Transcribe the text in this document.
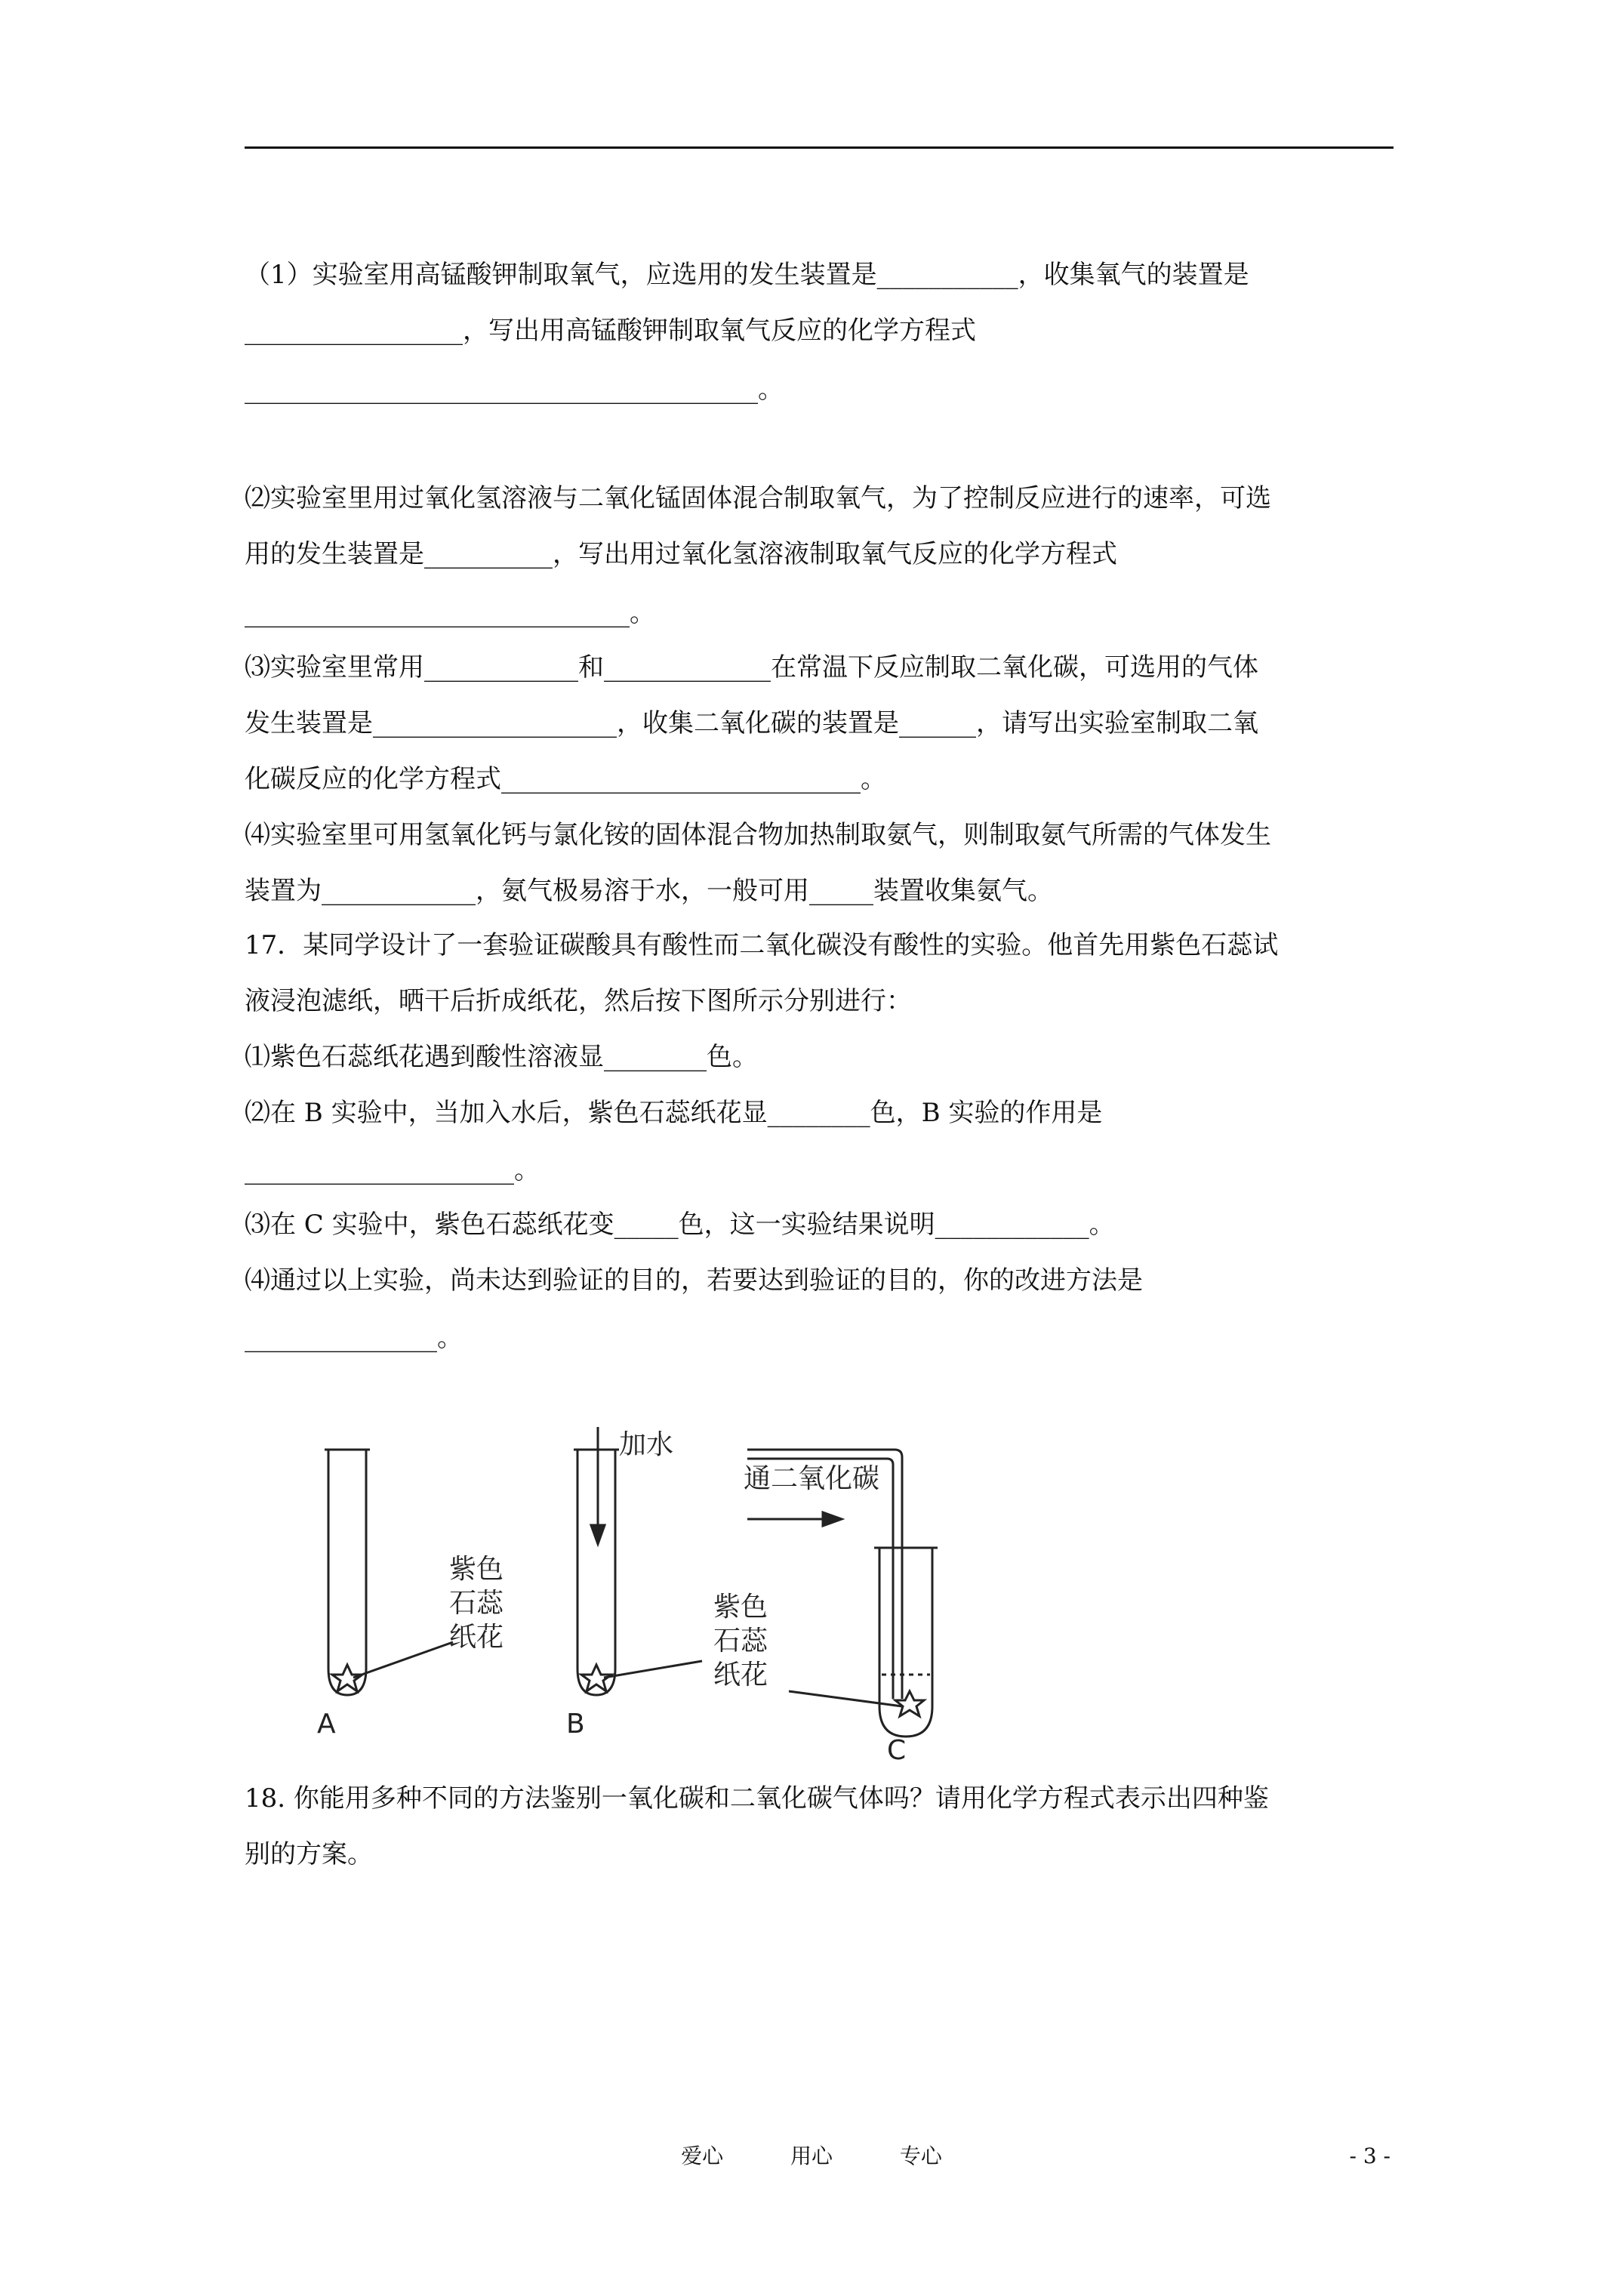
（1）实验室用高锰酸钾制取氧气，应选用的发生装置是___________，收集氧气的装置是
_________________，写出用高锰酸钾制取氧气反应的化学方程式
________________________________________。
⑵实验室里用过氧化氢溶液与二氧化锰固体混合制取氧气，为了控制反应进行的速率，可选
用的发生装置是__________，写出用过氧化氢溶液制取氧气反应的化学方程式
______________________________。
⑶实验室里常用____________和_____________在常温下反应制取二氧化碳，可选用的气体
发生装置是___________________，收集二氧化碳的装置是______，请写出实验室制取二氧
化碳反应的化学方程式____________________________。
⑷实验室里可用氢氧化钙与氯化铵的固体混合物加热制取氨气，则制取氨气所需的气体发生
装置为____________，氨气极易溶于水，一般可用_____装置收集氨气。
17．某同学设计了一套验证碳酸具有酸性而二氧化碳没有酸性的实验。他首先用紫色石蕊试
液浸泡滤纸，晒干后折成纸花，然后按下图所示分别进行：
⑴紫色石蕊纸花遇到酸性溶液显________色。
⑵在 B 实验中，当加入水后，紫色石蕊纸花显________色，B 实验的作用是
_____________________。
⑶在 C 实验中，紫色石蕊纸花变_____色，这一实验结果说明____________。
⑷通过以上实验，尚未达到验证的目的，若要达到验证的目的，你的改进方法是
_______________。
紫色
石蕊
纸花
A
加水
紫色
石蕊
纸花
B
通二氧化碳
C
18. 你能用多种不同的方法鉴别一氧化碳和二氧化碳气体吗？请用化学方程式表示出四种鉴
别的方案。
爱心	用心	专心	- 3 -
